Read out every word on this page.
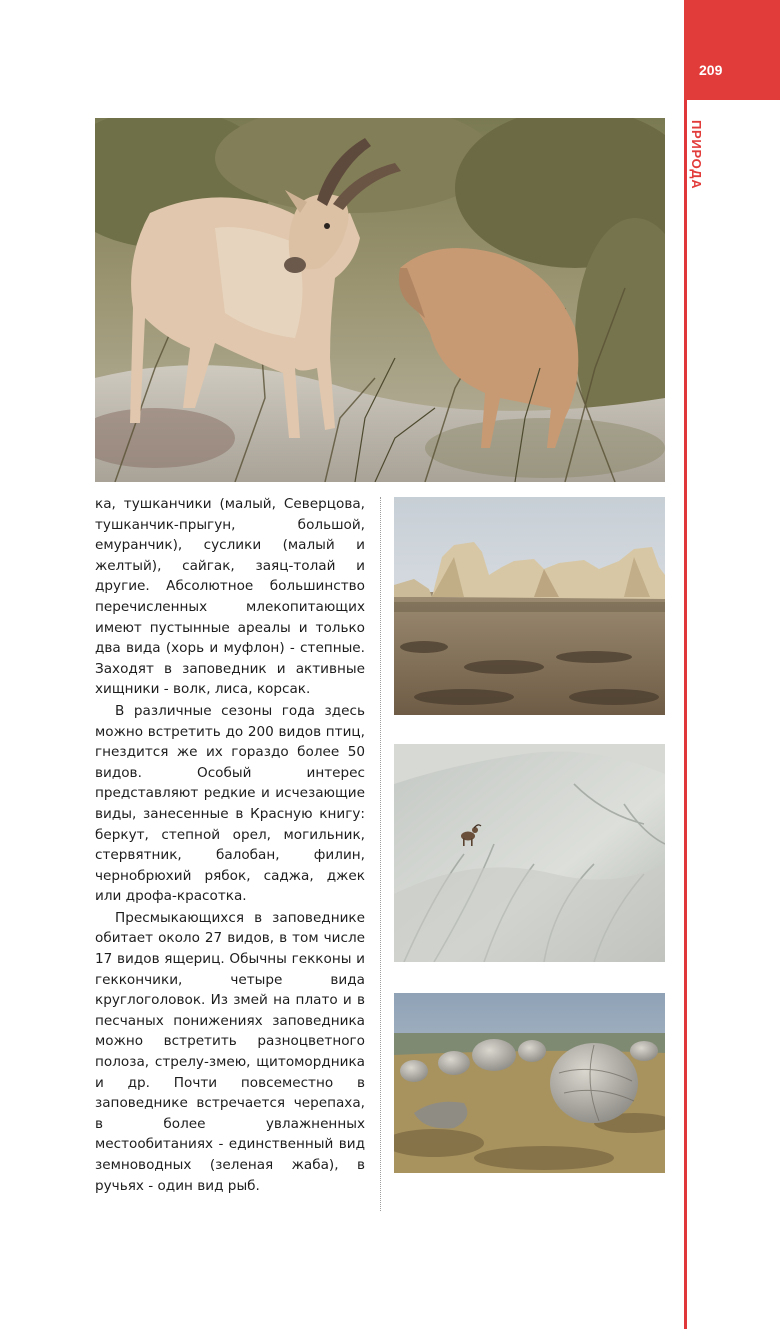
209
ПРИРОДА

ка, тушканчики (малый, Северцова, тушканчик-прыгун, большой, емуранчик), суслики (малый и желтый), сайгак, заяц-толай и другие. Абсолютное большинство перечисленных млекопитающих имеют пустынные ареалы и только два вида (хорь и муфлон) - степные. Заходят в заповедник и активные хищники - волк, лиса, корсак.

В различные сезоны года здесь можно встретить до 200 видов птиц, гнездится же их гораздо более 50 видов. Особый интерес представляют редкие и исчезающие виды, занесенные в Красную книгу: беркут, степной орел, могильник, стервятник, балобан, филин, чернобрюхий рябок, саджа, джек или дрофа-красотка.

Пресмыкающихся в заповеднике обитает около 27 видов, в том числе 17 видов ящериц. Обычны гекконы и геккончики, четыре вида круглоголовок. Из змей на плато и в песчаных понижениях заповедника можно встретить разноцветного полоза, стрелу-змею, щитомордника и др. Почти повсеместно в заповеднике встречается черепаха, в более увлажненных местообитаниях - единственный вид земноводных (зеленая жаба), в ручьях - один вид рыб.
